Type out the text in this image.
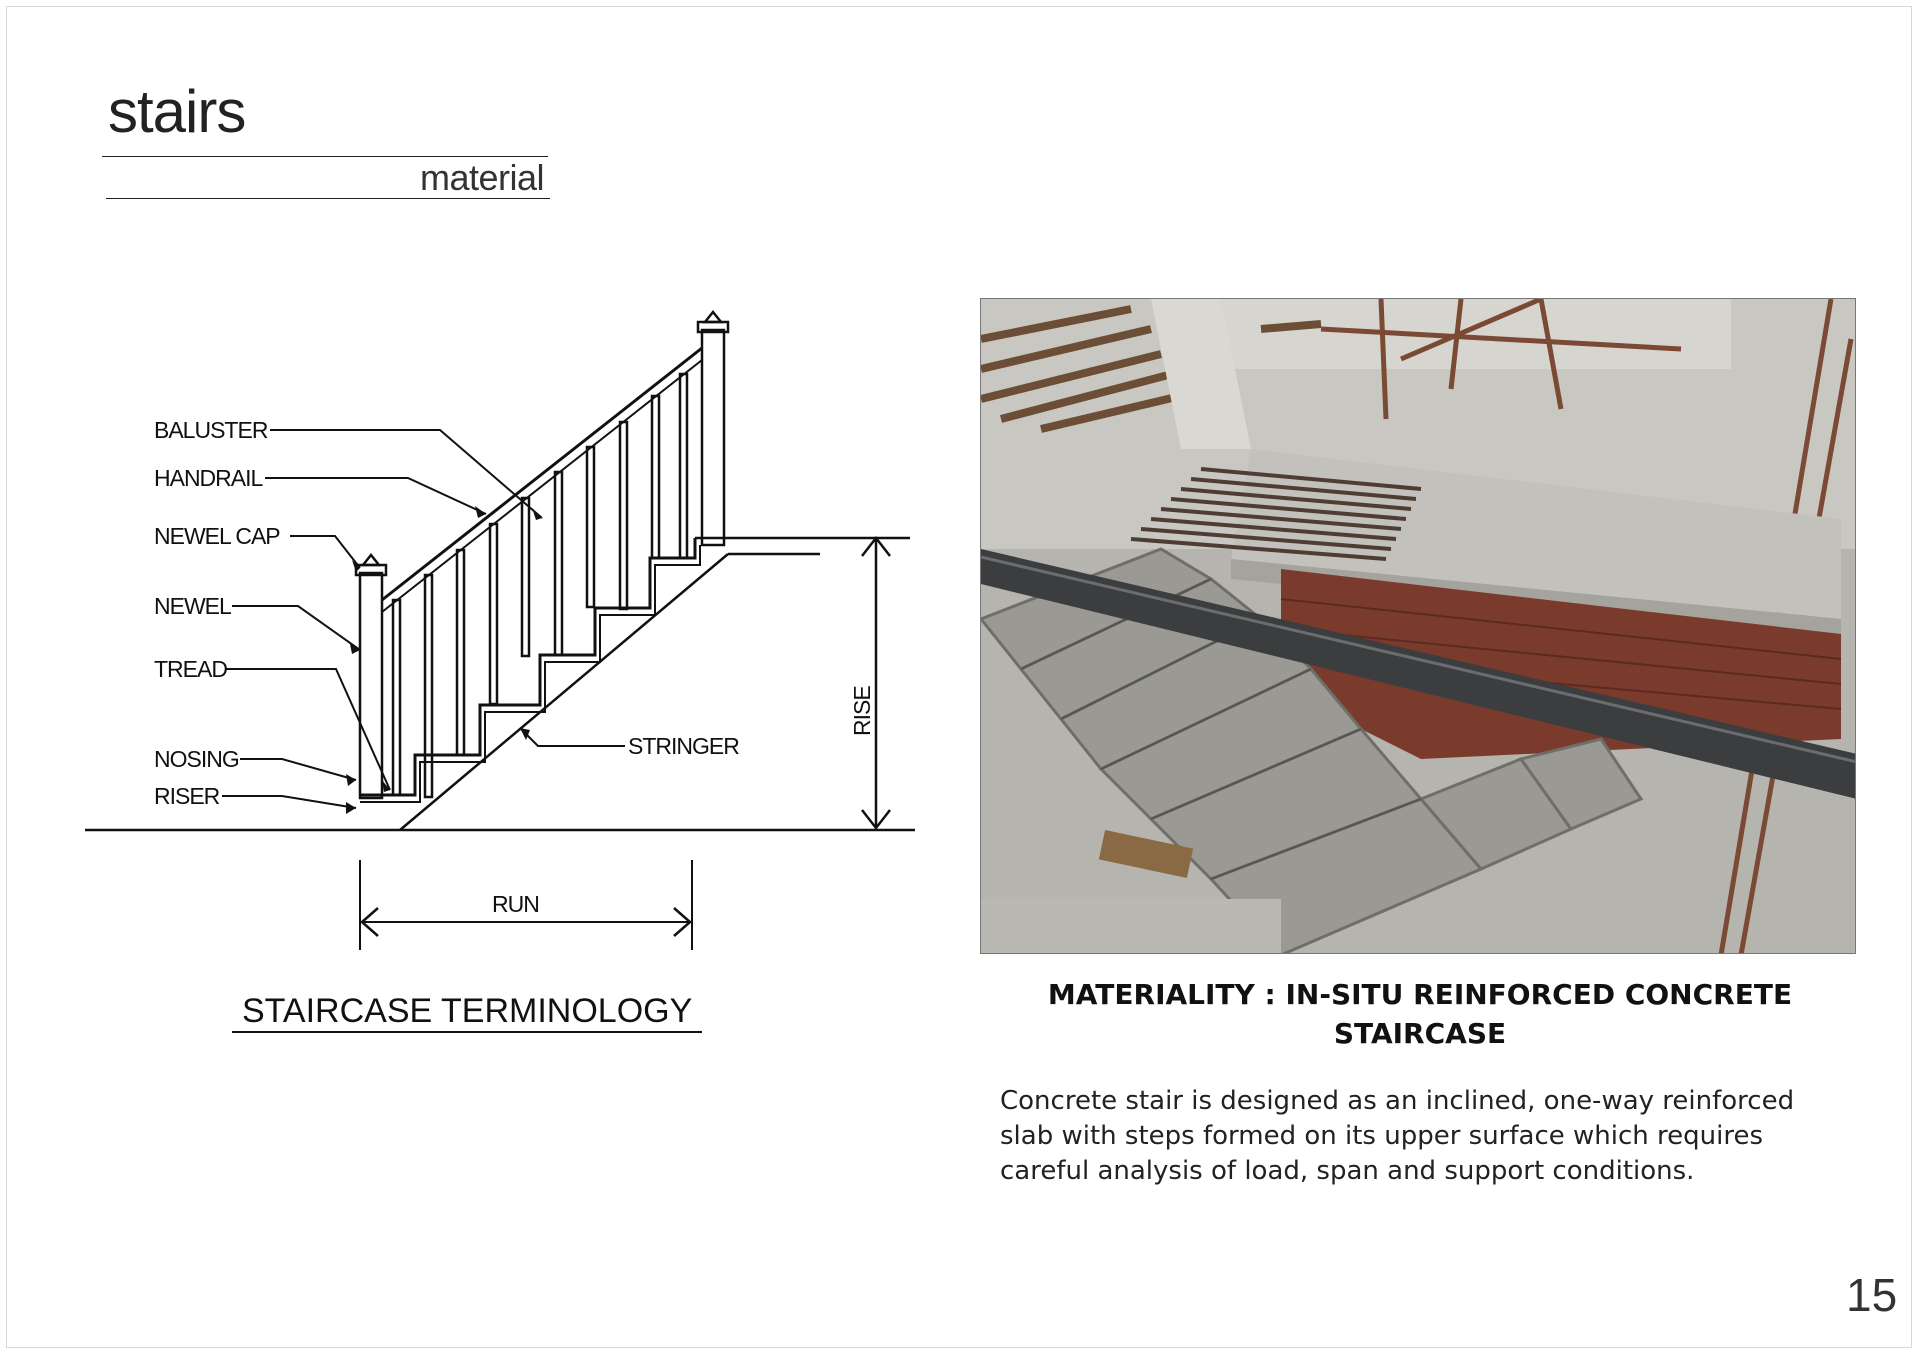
stairs
material
BALUSTER
HANDRAIL
NEWEL CAP
NEWEL
TREAD
NOSING
RISER
STRINGER
RISE
RUN
STAIRCASE TERMINOLOGY	MATERIALITY : IN-SITU REINFORCED CONCRETE STAIRCASE
Concrete stair is designed as an inclined, one-way reinforced slab with steps formed on its upper surface which requires careful analysis of load, span and support conditions.
15
